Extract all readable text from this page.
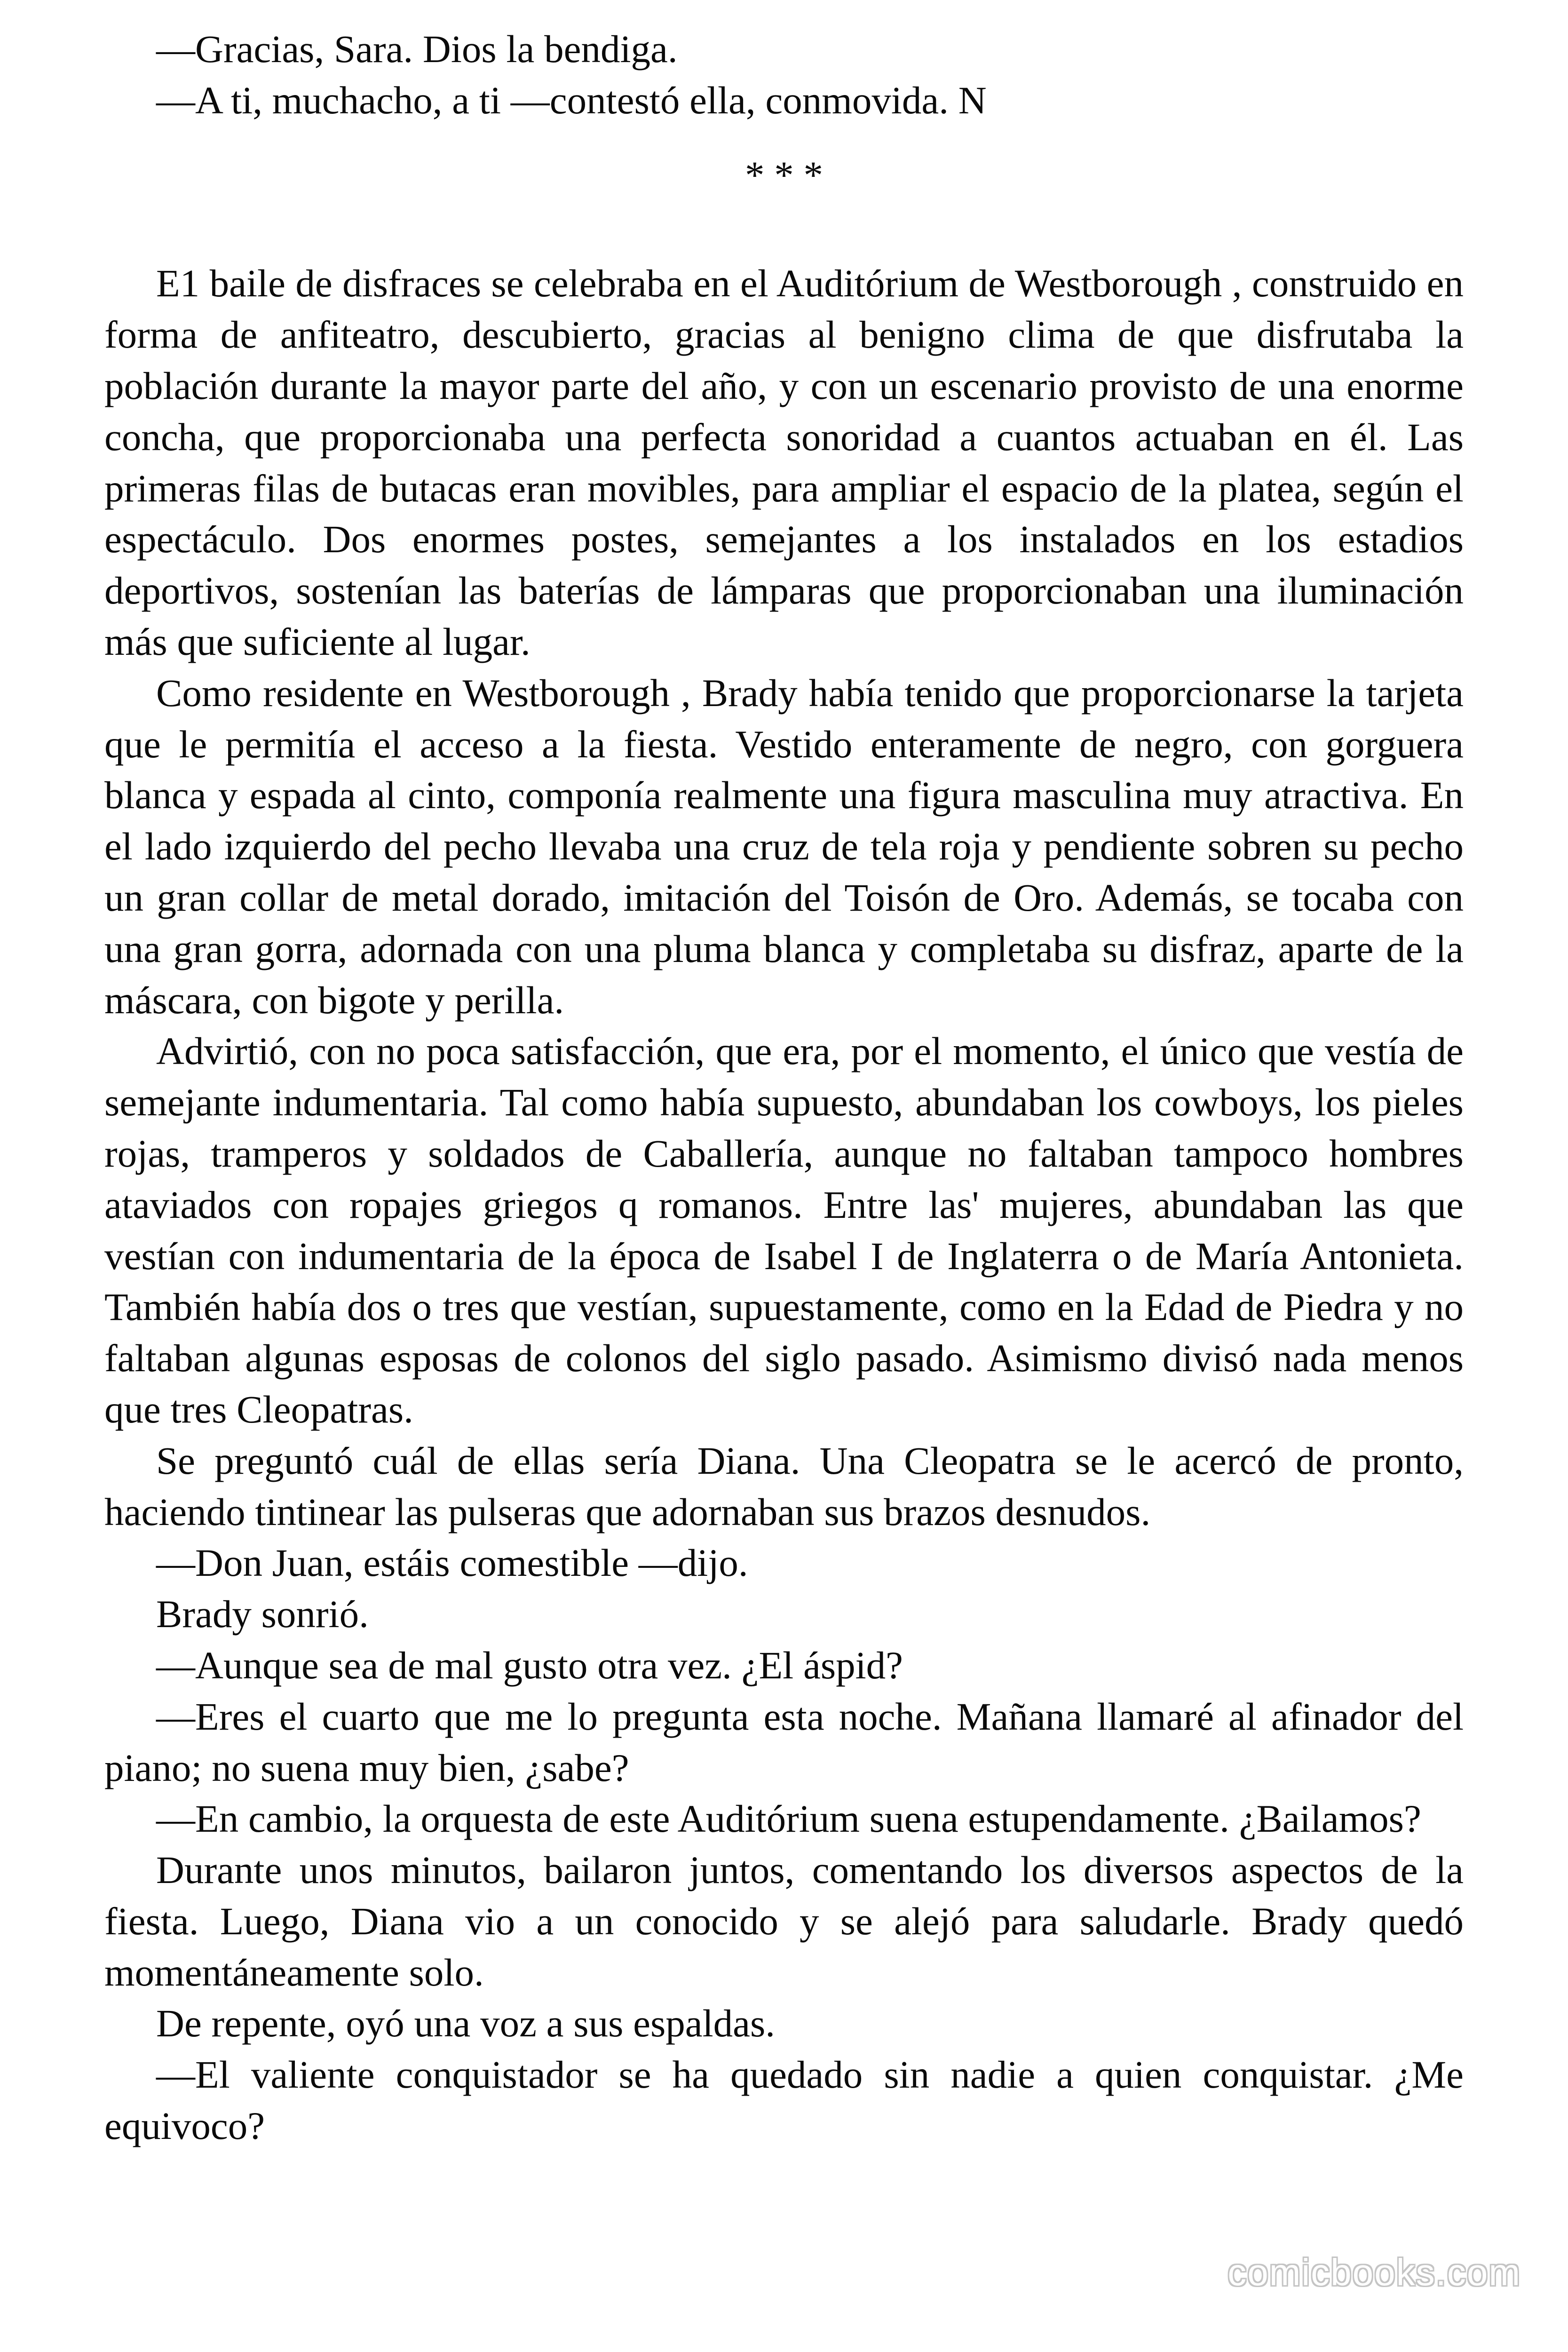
—Gracias, Sara. Dios la bendiga.

—A ti, muchacho, a ti —contestó ella, conmovida. N

* * *

E1 baile de disfraces se celebraba en el Auditórium de Westborough , construido en forma de anfiteatro, descubierto, gracias al benigno clima de que disfrutaba la población durante la mayor parte del año, y con un escenario provisto de una enorme concha, que proporcionaba una perfecta sonoridad a cuantos actuaban en él. Las primeras filas de butacas eran movibles, para ampliar el espacio de la platea, según el espectáculo. Dos enormes postes, semejantes a los instalados en los estadios deportivos, sostenían las baterías de lámparas que proporcionaban una iluminación más que suficiente al lugar.

Como residente en Westborough , Brady había tenido que proporcionarse la tarjeta que le permitía el acceso a la fiesta. Vestido enteramente de negro, con gorguera blanca y espada al cinto, componía realmente una figura masculina muy atractiva. En el lado izquierdo del pecho llevaba una cruz de tela roja y pendiente sobren su pecho un gran collar de metal dorado, imitación del Toisón de Oro. Además, se tocaba con una gran gorra, adornada con una pluma blanca y completaba su disfraz, aparte de la máscara, con bigote y perilla.

Advirtió, con no poca satisfacción, que era, por el momento, el único que vestía de semejante indumentaria. Tal como había supuesto, abundaban los cowboys, los pieles rojas, tramperos y soldados de Caballería, aunque no faltaban tampoco hombres ataviados con ropajes griegos q romanos. Entre las' mujeres, abundaban las que vestían con indumentaria de la época de Isabel I de Inglaterra o de María Antonieta. También había dos o tres que vestían, supuestamente, como en la Edad de Piedra y no faltaban algunas esposas de colonos del siglo pasado. Asimismo divisó nada menos que tres Cleopatras.

Se preguntó cuál de ellas sería Diana. Una Cleopatra se le acercó de pronto, haciendo tintinear las pulseras que adornaban sus brazos desnudos.

—Don Juan, estáis comestible —dijo.

Brady sonrió.

—Aunque sea de mal gusto otra vez. ¿El áspid?

—Eres el cuarto que me lo pregunta esta noche. Mañana llamaré al afinador del piano; no suena muy bien, ¿sabe?

—En cambio, la orquesta de este Auditórium suena estupendamente. ¿Bailamos?

Durante unos minutos, bailaron juntos, comentando los diversos aspectos de la fiesta. Luego, Diana vio a un conocido y se alejó para saludarle. Brady quedó momentáneamente solo.

De repente, oyó una voz a sus espaldas.

—El valiente conquistador se ha quedado sin nadie a quien conquistar. ¿Me equivoco?

comicbooks.com
